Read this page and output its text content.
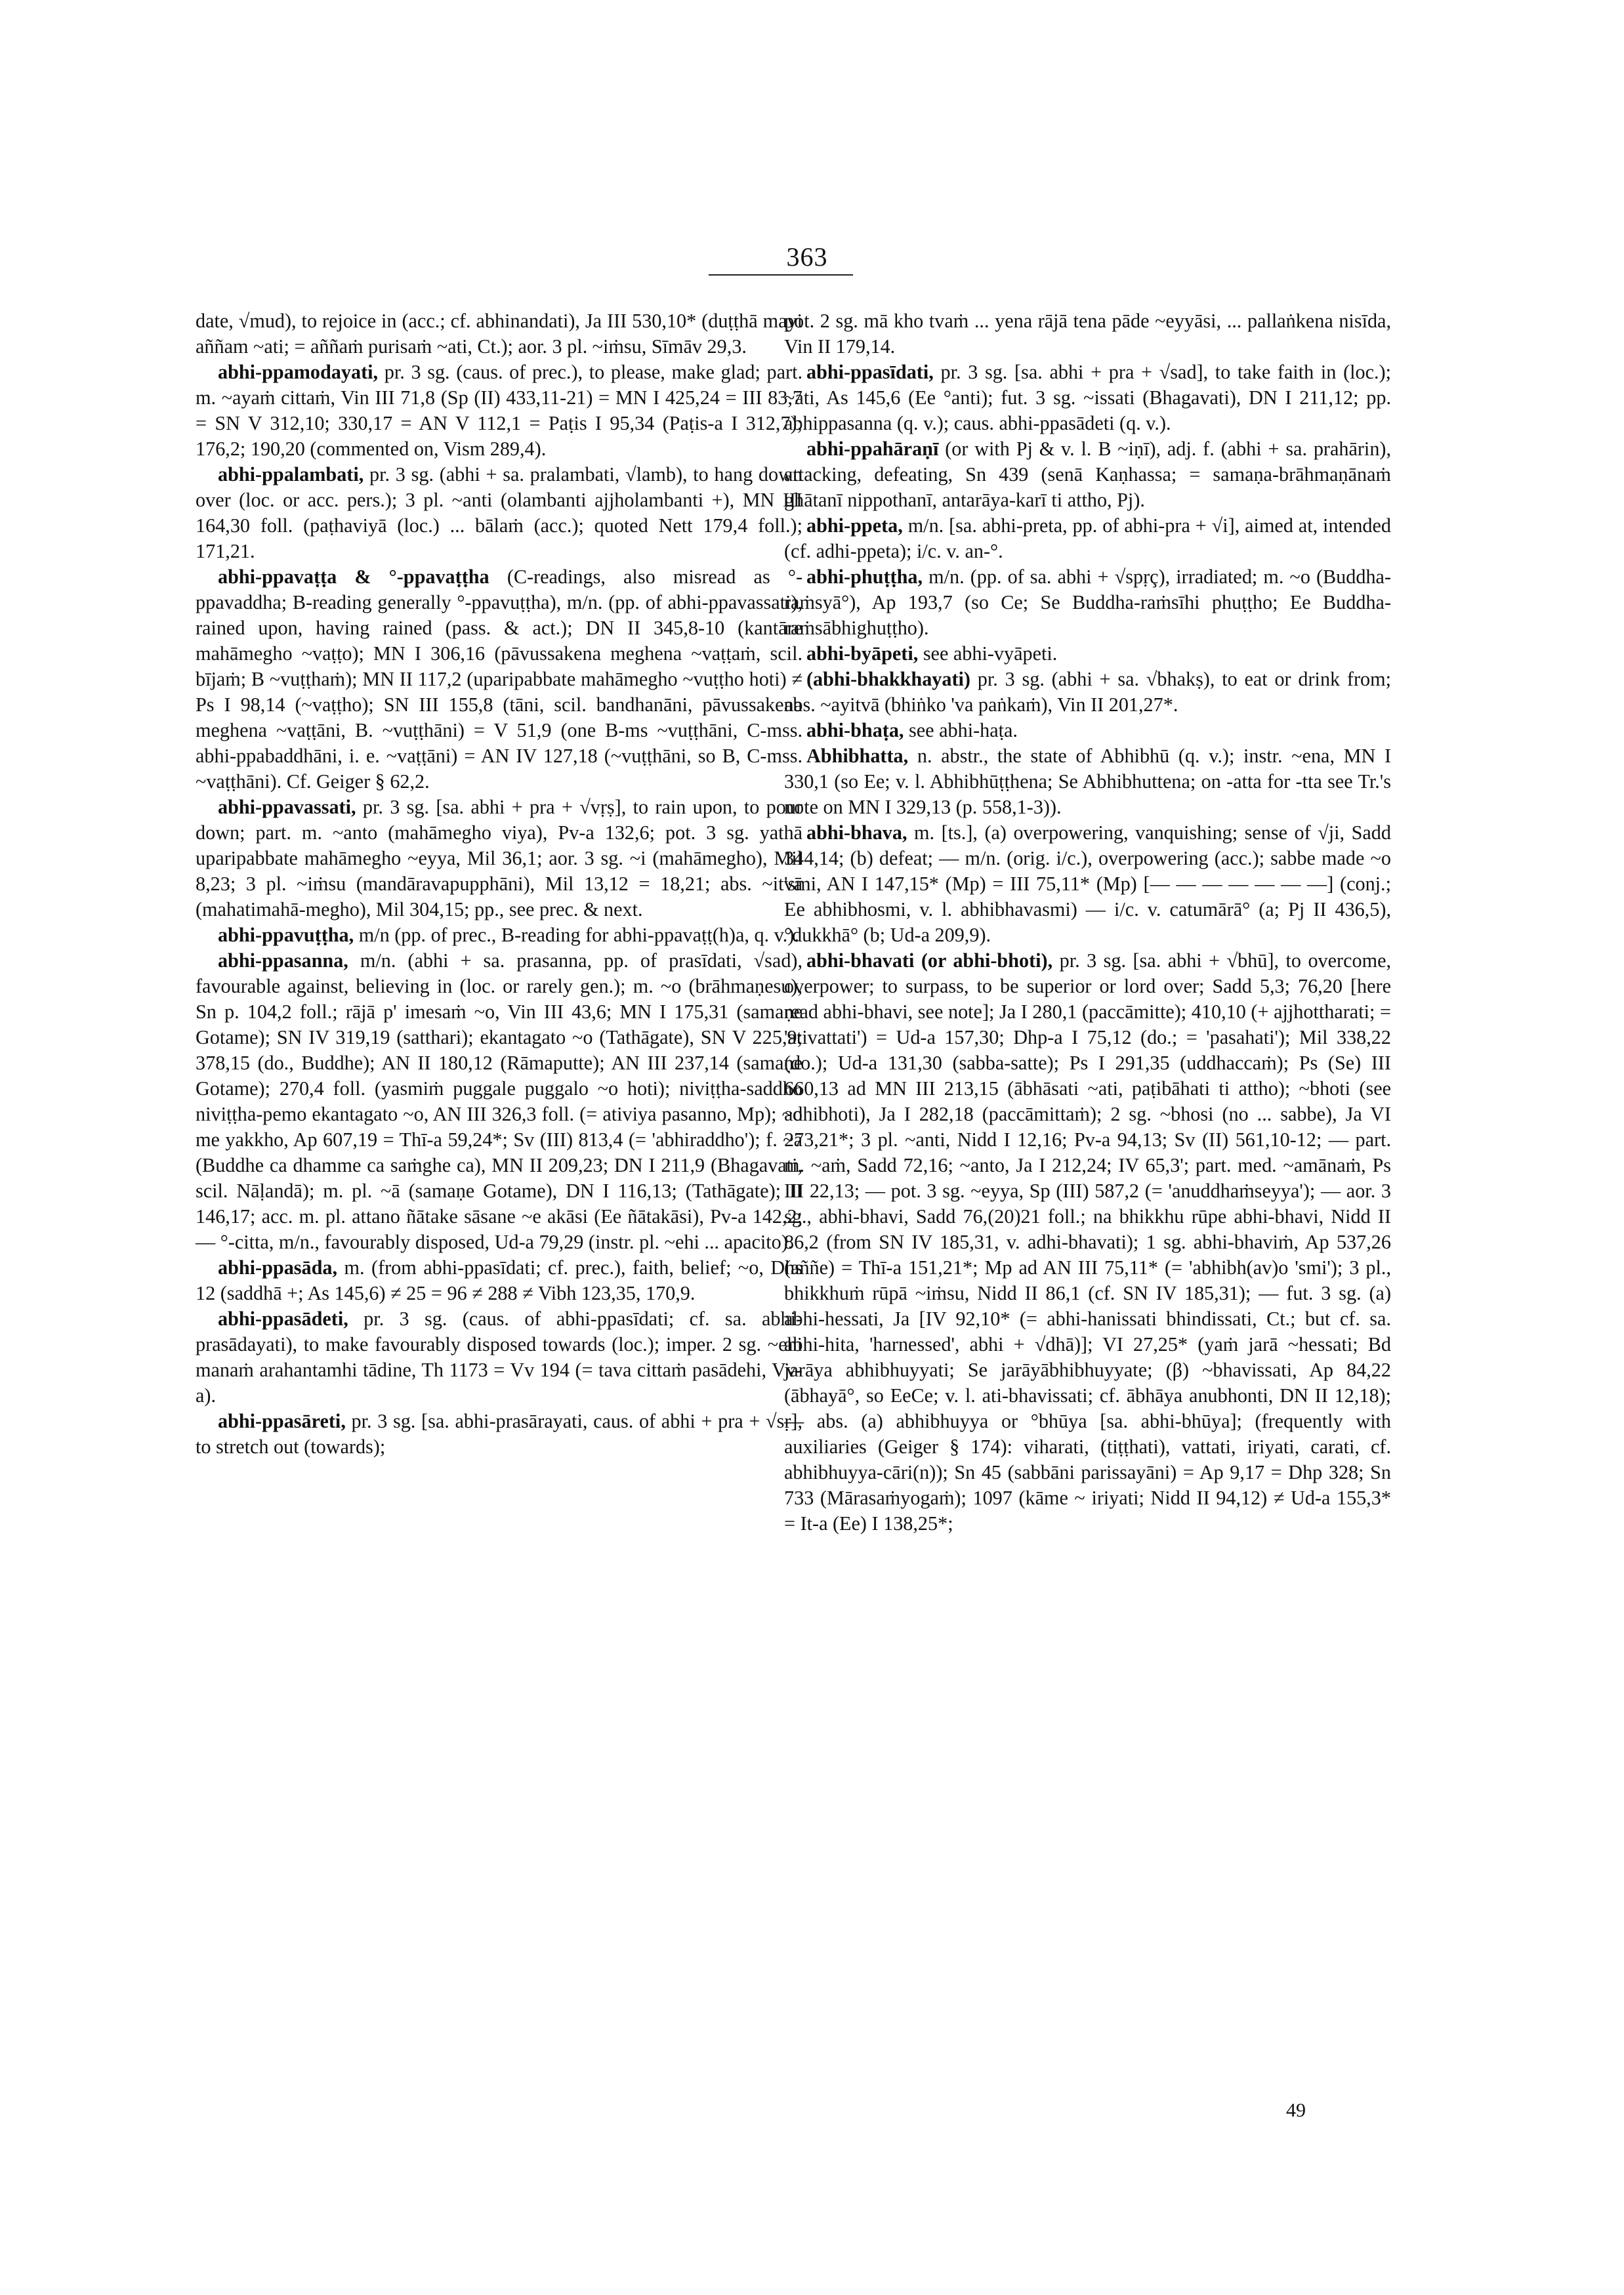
363

date, √mud), to rejoice in (acc.; cf. abhinandati), Ja III 530,10* (duṭṭhā mayi aññam ~ati; = aññaṁ purisaṁ ~ati, Ct.); aor. 3 pl. ~iṁsu, Sīmāv 29,3.

abhi-ppamodayati, pr. 3 sg. (caus. of prec.), to please, make glad; part. m. ~ayaṁ cittaṁ, Vin III 71,8 (Sp (II) 433,11-21) = MN I 425,24 = III 83,7 = SN V 312,10; 330,17 = AN V 112,1 = Paṭis I 95,34 (Paṭis-a I 312,7); 176,2; 190,20 (commented on, Vism 289,4).

abhi-ppalambati, pr. 3 sg. (abhi + sa. pralambati, √lamb), to hang down over (loc. or acc. pers.); 3 pl. ~anti (olambanti ajjholambanti +), MN III 164,30 foll. (paṭhaviyā (loc.) ... bālaṁ (acc.); quoted Nett 179,4 foll.); 171,21.

abhi-ppavaṭṭa & °-ppavaṭṭha (C-readings, also misread as °-ppavaddha; B-reading generally °-ppavuṭṭha), m/n. (pp. of abhi-ppavassati), rained upon, having rained (pass. & act.); DN II 345,8-10 (kantāre mahāmegho ~vaṭṭo); MN I 306,16 (pāvussakena meghena ~vaṭṭaṁ, scil. bījaṁ; B ~vuṭṭhaṁ); MN II 117,2 (uparipabbate mahāmegho ~vuṭṭho hoti) ≠ Ps I 98,14 (~vaṭṭho); SN III 155,8 (tāni, scil. bandhanāni, pāvussakena meghena ~vaṭṭāni, B. ~vuṭṭhāni) = V 51,9 (one B-ms ~vuṭṭhāni, C-mss. abhi-ppabaddhāni, i. e. ~vaṭṭāni) = AN IV 127,18 (~vuṭṭhāni, so B, C-mss. ~vaṭṭhāni). Cf. Geiger § 62,2.

abhi-ppavassati, pr. 3 sg. [sa. abhi + pra + √vṛṣ], to rain upon, to pour down; part. m. ~anto (mahāmegho viya), Pv-a 132,6; pot. 3 sg. yathā uparipabbate mahāmegho ~eyya, Mil 36,1; aor. 3 sg. ~i (mahāmegho), Mil 8,23; 3 pl. ~iṁsu (mandāravapupphāni), Mil 13,12 = 18,21; abs. ~itvā (mahatimahā-megho), Mil 304,15; pp., see prec. & next.

abhi-ppavuṭṭha, m/n (pp. of prec., B-reading for abhi-ppavaṭṭ(h)a, q. v.).

abhi-ppasanna, m/n. (abhi + sa. prasanna, pp. of prasīdati, √sad), favourable against, believing in (loc. or rarely gen.); m. ~o (brāhmaṇesu), Sn p. 104,2 foll.; rājā p' imesaṁ ~o, Vin III 43,6; MN I 175,31 (samaṇe Gotame); SN IV 319,19 (satthari); ekantagato ~o (Tathāgate), SN V 225,9; 378,15 (do., Buddhe); AN II 180,12 (Rāmaputte); AN III 237,14 (samaṇe Gotame); 270,4 foll. (yasmiṁ puggale puggalo ~o hoti); niviṭṭha-saddho niviṭṭha-pemo ekantagato ~o, AN III 326,3 foll. (= ativiya pasanno, Mp); ~o me yakkho, Ap 607,19 = Thī-a 59,24*; Sv (III) 813,4 (= 'abhiraddho'); f. ~ā (Buddhe ca dhamme ca saṁghe ca), MN II 209,23; DN I 211,9 (Bhagavati, scil. Nāḷandā); m. pl. ~ā (samaṇe Gotame), DN I 116,13; (Tathāgate); II 146,17; acc. m. pl. attano ñātake sāsane ~e akāsi (Ee ñātakāsi), Pv-a 142,2; — °-citta, m/n., favourably disposed, Ud-a 79,29 (instr. pl. ~ehi ... apacito).

abhi-ppasāda, m. (from abhi-ppasīdati; cf. prec.), faith, belief; ~o, Dhs 12 (saddhā +; As 145,6) ≠ 25 = 96 ≠ 288 ≠ Vibh 123,35, 170,9.

abhi-ppasādeti, pr. 3 sg. (caus. of abhi-ppasīdati; cf. sa. abhi-prasādayati), to make favourably disposed towards (loc.); imper. 2 sg. ~ehi manaṁ arahantamhi tādine, Th 1173 = Vv 194 (= tava cittaṁ pasādehi, Vv-a).

abhi-ppasāreti, pr. 3 sg. [sa. abhi-prasārayati, caus. of abhi + pra + √sṛ], to stretch out (towards);

pot. 2 sg. mā kho tvaṁ ... yena rājā tena pāde ~eyyāsi, ... pallaṅkena nisīda, Vin II 179,14.

abhi-ppasīdati, pr. 3 sg. [sa. abhi + pra + √sad], to take faith in (loc.); ~ati, As 145,6 (Ee °anti); fut. 3 sg. ~issati (Bhagavati), DN I 211,12; pp. abhippasanna (q. v.); caus. abhi-ppasādeti (q. v.).

abhi-ppahāraṇī (or with Pj & v. l. B ~iṇī), adj. f. (abhi + sa. prahārin), attacking, defeating, Sn 439 (senā Kaṇhassa; = samaṇa-brāhmaṇānaṁ ghātanī nippothanī, antarāya-karī ti attho, Pj).

abhi-ppeta, m/n. [sa. abhi-preta, pp. of abhi-pra + √i], aimed at, intended (cf. adhi-ppeta); i/c. v. an-°.

abhi-phuṭṭha, m/n. (pp. of sa. abhi + √spṛç), irradiated; m. ~o (Buddha-raṁsyā°), Ap 193,7 (so Ce; Se Buddha-raṁsīhi phuṭṭho; Ee Buddha-raṁsābhighuṭṭho).

abhi-byāpeti, see abhi-vyāpeti.

(abhi-bhakkhayati) pr. 3 sg. (abhi + sa. √bhakṣ), to eat or drink from; abs. ~ayitvā (bhiṅko 'va paṅkaṁ), Vin II 201,27*.

abhi-bhaṭa, see abhi-haṭa.

Abhibhatta, n. abstr., the state of Abhibhū (q. v.); instr. ~ena, MN I 330,1 (so Ee; v. l. Abhibhūṭṭhena; Se Abhibhuttena; on -atta for -tta see Tr.'s note on MN I 329,13 (p. 558,1-3)).

abhi-bhava, m. [ts.], (a) overpowering, vanquishing; sense of √ji, Sadd 344,14; (b) defeat; — m/n. (orig. i/c.), overpowering (acc.); sabbe made ~o 'smi, AN I 147,15* (Mp) = III 75,11* (Mp) [— — — — — — —] (conj.; Ee abhibhosmi, v. l. abhibhavasmi) — i/c. v. catumārā° (a; Pj II 436,5), °dukkhā° (b; Ud-a 209,9).

abhi-bhavati (or abhi-bhoti), pr. 3 sg. [sa. abhi + √bhū], to overcome, overpower; to surpass, to be superior or lord over; Sadd 5,3; 76,20 [here read abhi-bhavi, see note]; Ja I 280,1 (paccāmitte); 410,10 (+ ajjhottharati; = 'ativattati') = Ud-a 157,30; Dhp-a I 75,12 (do.; = 'pasahati'); Mil 338,22 (do.); Ud-a 131,30 (sabba-satte); Ps I 291,35 (uddhaccaṁ); Ps (Se) III 660,13 ad MN III 213,15 (ābhāsati ~ati, paṭibāhati ti attho); ~bhoti (see adhibhoti), Ja I 282,18 (paccāmittaṁ); 2 sg. ~bhosi (no ... sabbe), Ja VI 273,21*; 3 pl. ~anti, Nidd I 12,16; Pv-a 94,13; Sv (II) 561,10-12; — part. m. ~aṁ, Sadd 72,16; ~anto, Ja I 212,24; IV 65,3'; part. med. ~amānaṁ, Ps III 22,13; — pot. 3 sg. ~eyya, Sp (III) 587,2 (= 'anuddhaṁseyya'); — aor. 3 sg., abhi-bhavi, Sadd 76,(20)21 foll.; na bhikkhu rūpe abhi-bhavi, Nidd II 86,2 (from SN IV 185,31, v. adhi-bhavati); 1 sg. abhi-bhaviṁ, Ap 537,26 (aññe) = Thī-a 151,21*; Mp ad AN III 75,11* (= 'abhibh(av)o 'smi'); 3 pl., bhikkhuṁ rūpā ~iṁsu, Nidd II 86,1 (cf. SN IV 185,31); — fut. 3 sg. (a) abhi-hessati, Ja [IV 92,10* (= abhi-hanissati bhindissati, Ct.; but cf. sa. abhi-hita, 'harnessed', abhi + √dhā)]; VI 27,25* (yaṁ jarā ~hessati; Bd jarāya abhibhuyyati; Se jarāyābhibhuyyate; (β) ~bhavissati, Ap 84,22 (ābhayā°, so EeCe; v. l. ati-bhavissati; cf. ābhāya anubhonti, DN II 12,18); — abs. (a) abhibhuyya or °bhūya [sa. abhi-bhūya]; (frequently with auxiliaries (Geiger § 174): viharati, (tiṭṭhati), vattati, iriyati, carati, cf. abhibhuyya-cāri(n)); Sn 45 (sabbāni parissayāni) = Ap 9,17 = Dhp 328; Sn 733 (Mārasaṁyogaṁ); 1097 (kāme ~ iriyati; Nidd II 94,12) ≠ Ud-a 155,3* = It-a (Ee) I 138,25*;

49
